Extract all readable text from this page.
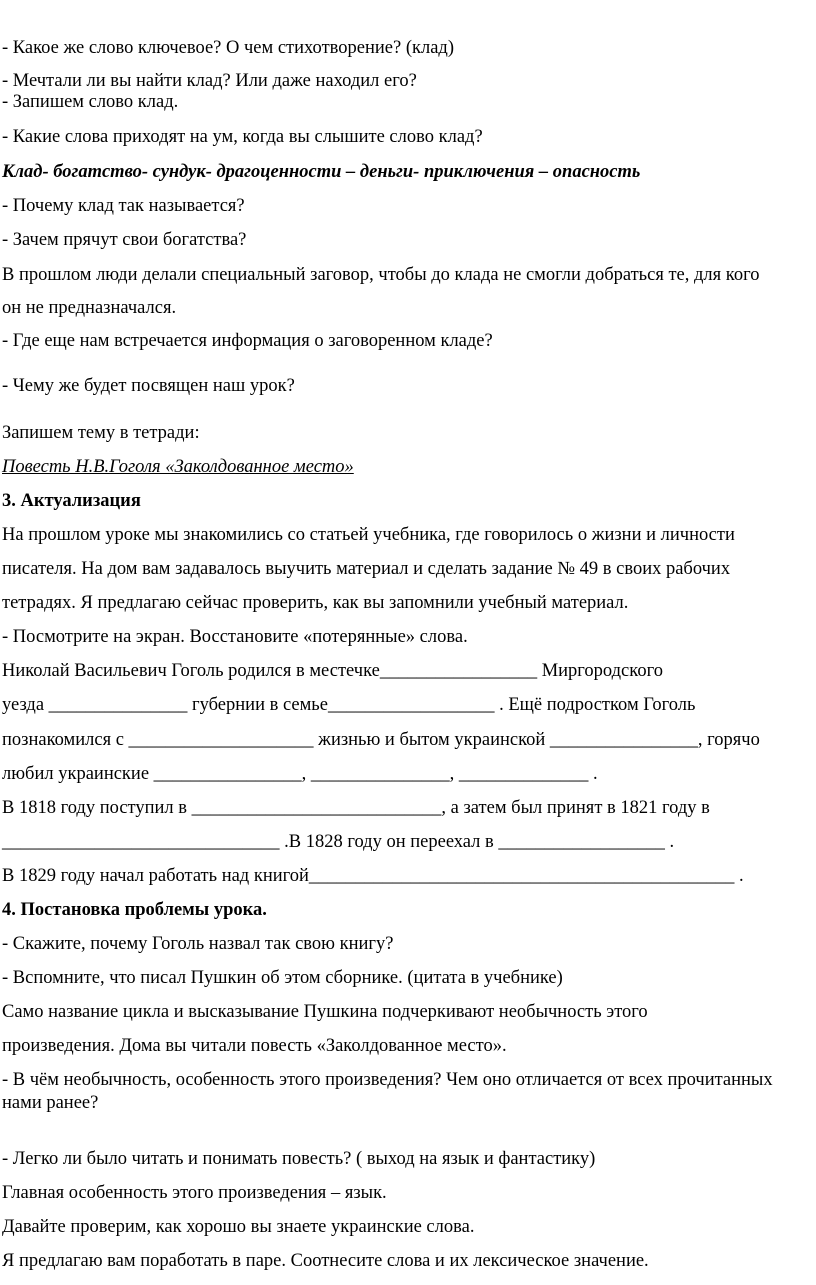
- Какое же слово ключевое? О чем стихотворение? (клад)
- Мечтали ли вы найти клад? Или даже находил его?
- Запишем слово клад.
- Какие слова приходят на ум, когда вы слышите слово клад?
Клад- богатство- сундук- драгоценности – деньги- приключения – опасность
- Почему клад так называется?
- Зачем прячут свои богатства?
В прошлом люди делали специальный заговор, чтобы до клада не смогли добраться те, для кого
он не предназначался.
- Где еще нам встречается информация о заговоренном кладе?
- Чему же будет посвящен наш урок?
Запишем тему в тетради:
Повесть Н.В.Гоголя «Заколдованное место»
3. Актуализация
На прошлом уроке мы знакомились со статьей учебника, где говорилось о жизни и личности
писателя. На дом вам задавалось выучить материал и сделать задание № 49 в своих рабочих
тетрадях. Я предлагаю сейчас проверить, как вы запомнили учебный материал.
- Посмотрите на экран. Восстановите «потерянные» слова.
Николай Васильевич Гоголь родился в местечке_________________ Миргородского
уезда _______________ губернии в семье__________________ . Ещё подростком Гоголь
познакомился с ____________________ жизнью и бытом украинской ________________, горячо
любил украинские ________________, _______________, ______________ .
В 1818 году поступил в ___________________________, а затем был принят в 1821 году в
______________________________ .В 1828 году он переехал в __________________ .
В 1829 году начал работать над книгой______________________________________________ .
4. Постановка проблемы урока.
- Скажите, почему Гоголь назвал так свою книгу?
- Вспомните, что писал Пушкин об этом сборнике. (цитата в учебнике)
Само название цикла и высказывание Пушкина подчеркивают необычность этого
произведения. Дома вы читали повесть «Заколдованное место».
- В чём необычность, особенность этого произведения? Чем оно отличается от всех прочитанных
нами ранее?
- Легко ли было читать и понимать повесть? ( выход на язык и фантастику)
Главная особенность этого произведения – язык.
Давайте проверим, как хорошо вы знаете украинские слова.
Я предлагаю вам поработать в паре. Соотнесите слова и их лексическое значение.
